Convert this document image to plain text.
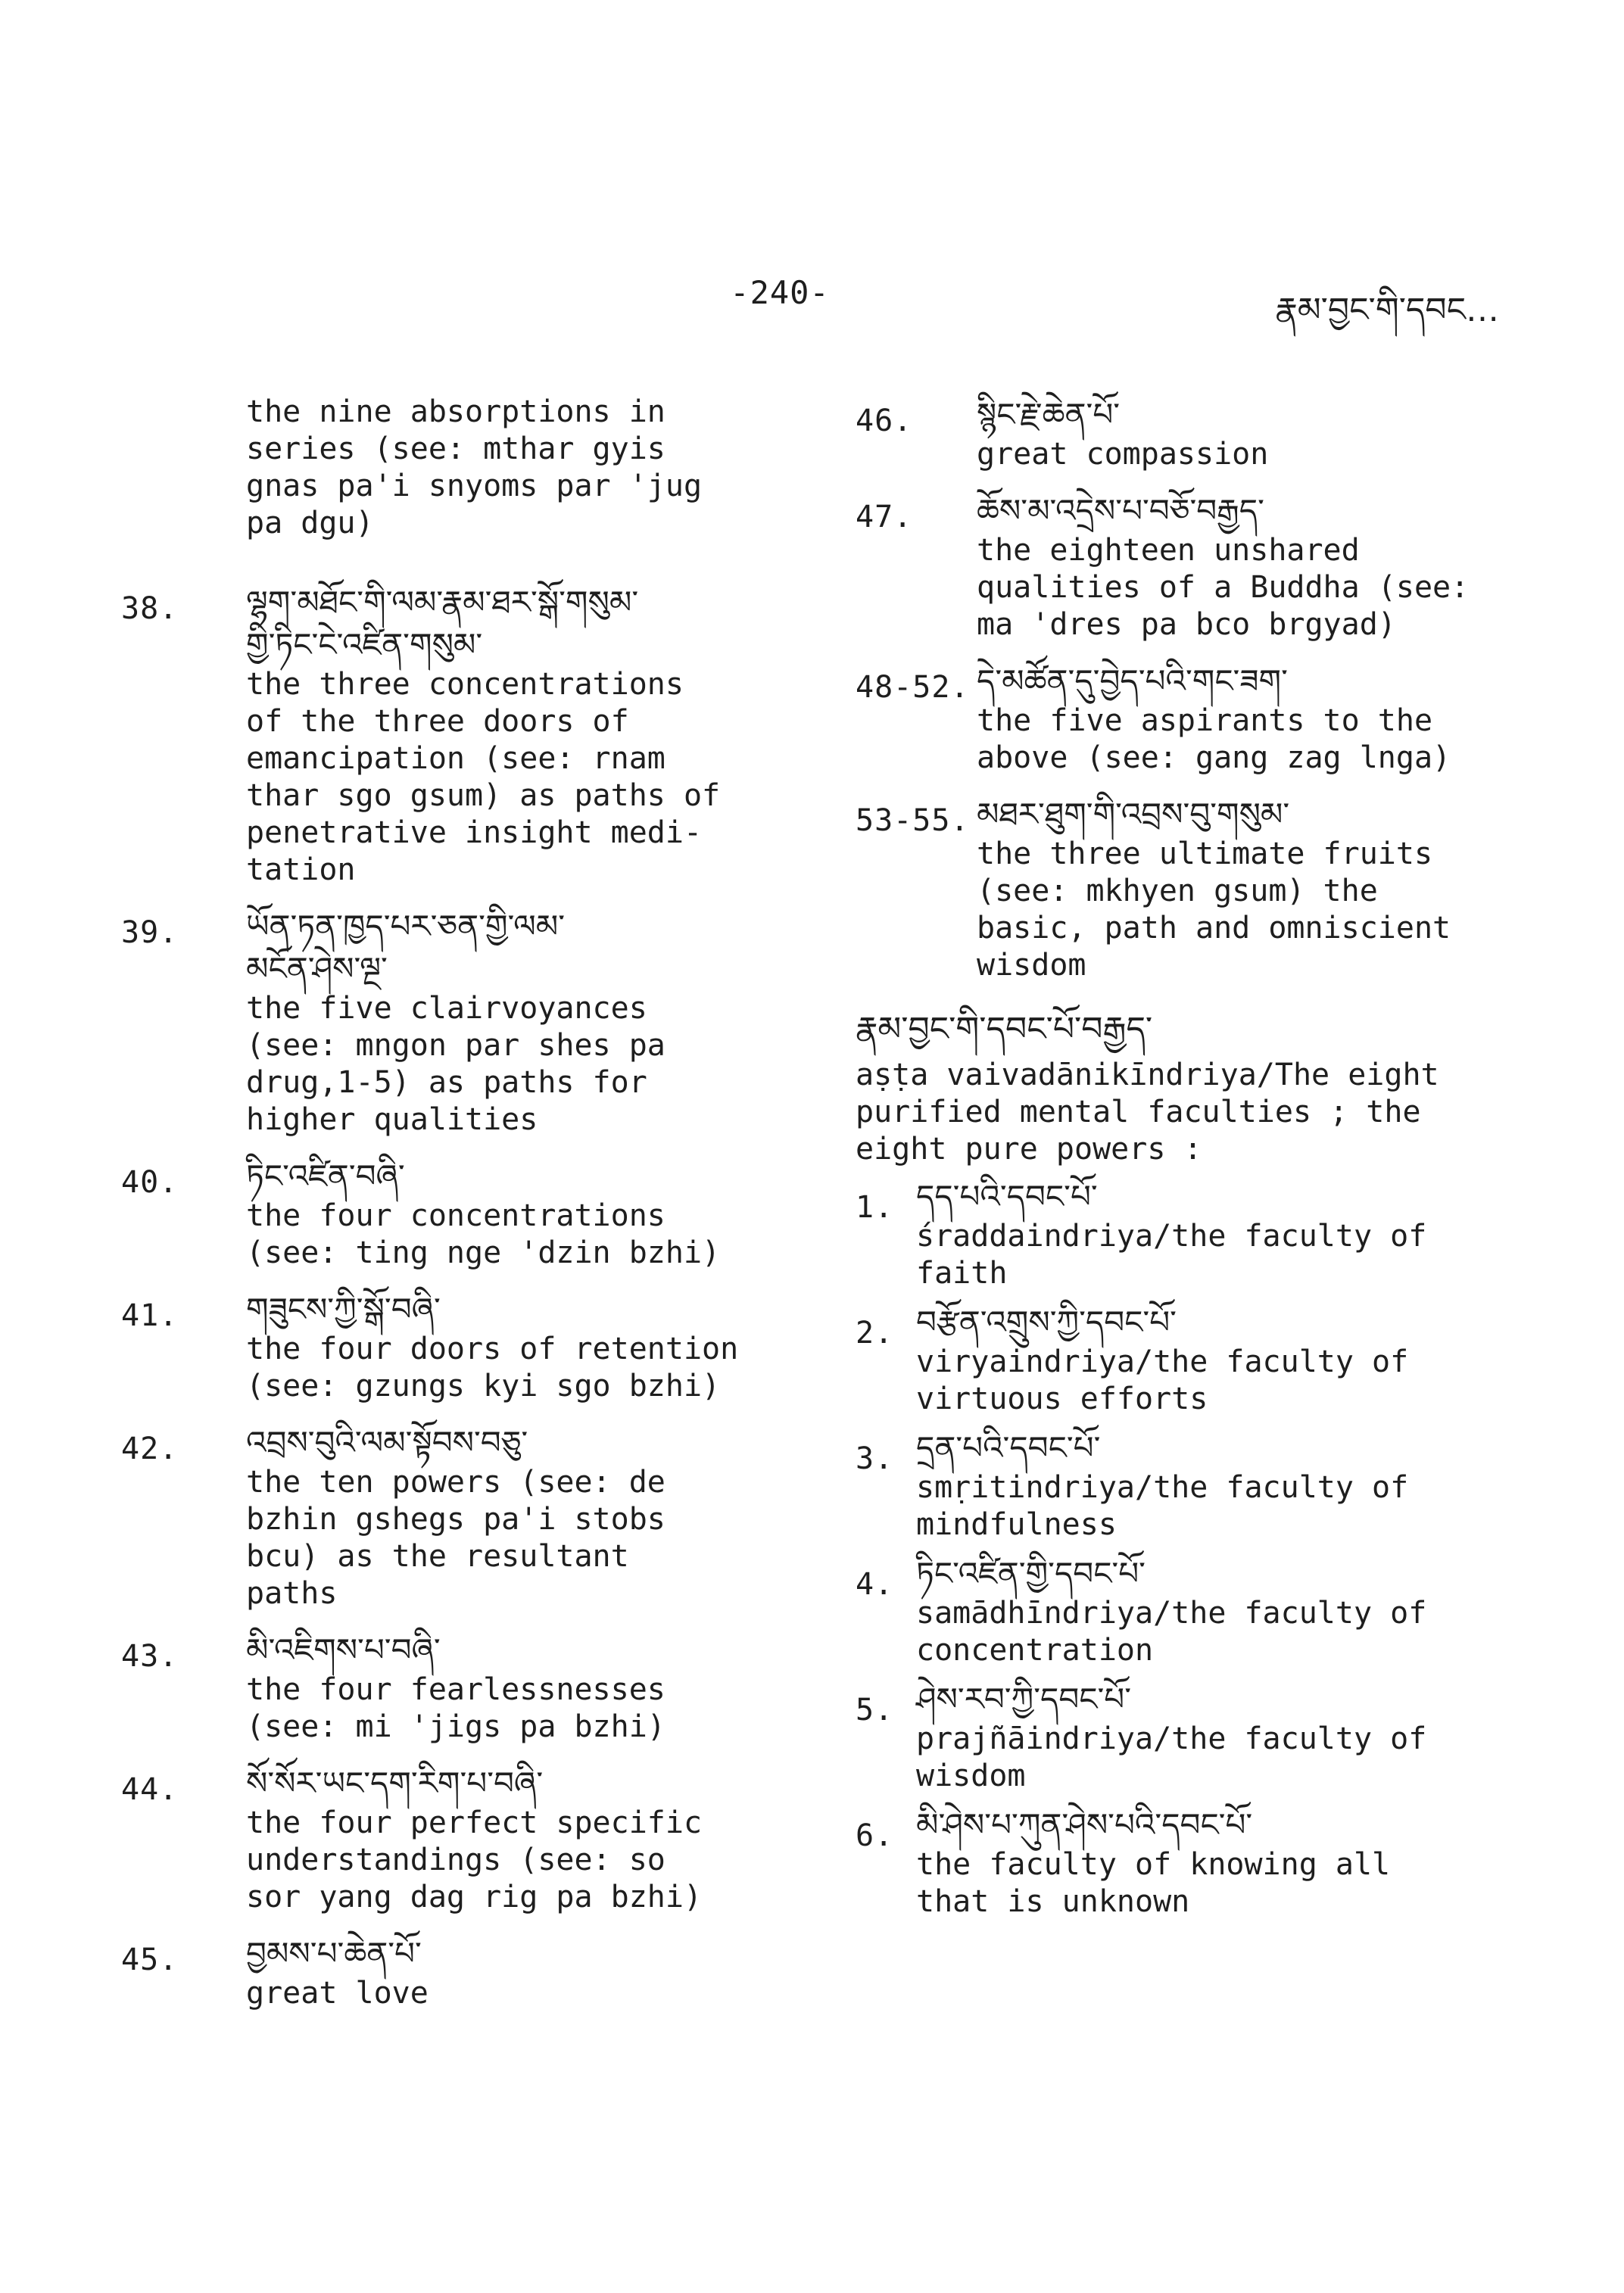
-240-	རྣམ་བྱང་གི་དབང…

the nine absorptions in
series (see: mthar gyis
gnas pa'i snyoms par 'jug
pa dgu)

38. ལྷག་མཐོང་གི་ལམ་རྣམ་ཐར་སྒོ་གསུམ་
གྱི་ཏིང་ངེ་འཛིན་གསུམ་

the three concentrations
of the three doors of
emancipation (see: rnam
thar sgo gsum) as paths of
penetrative insight medi-
tation

39. ཡོན་ཏན་ཁྱད་པར་ཅན་གྱི་ལམ་
མངོན་ཤེས་ལྔ་

the five clairvoyances
(see: mngon par shes pa
drug,1-5) as paths for
higher qualities

40. ཏིང་འཛིན་བཞི་

the four concentrations
(see: ting nge 'dzin bzhi)

41. གཟུངས་ཀྱི་སྒོ་བཞི་

the four doors of retention
(see: gzungs kyi sgo bzhi)

42. འབྲས་བུའི་ལམ་སྟོབས་བཅུ་

the ten powers (see: de
bzhin gshegs pa'i stobs
bcu) as the resultant
paths

43. མི་འཇིགས་པ་བཞི་

the four fearlessnesses
(see: mi 'jigs pa bzhi)

44. སོ་སོར་ཡང་དག་རིག་པ་བཞི་

the four perfect specific
understandings (see: so
sor yang dag rig pa bzhi)

45. བྱམས་པ་ཆེན་པོ་

great love

46. སྙིང་རྗེ་ཆེན་པོ་

great compassion

47. ཆོས་མ་འདྲེས་པ་བཅོ་བརྒྱད་

the eighteen unshared
qualities of a Buddha (see:
ma 'dres pa bco brgyad)

48-52. དེ་མཚོན་དུ་བྱེད་པའི་གང་ཟག་

the five aspirants to the
above (see: gang zag lnga)

53-55. མཐར་ཐུག་གི་འབྲས་བུ་གསུམ་

the three ultimate fruits
(see: mkhyen gsum) the
basic, path and omniscient
wisdom

རྣམ་བྱང་གི་དབང་པོ་བརྒྱད་

aṣṭa vaivadānikīndriya/The eight
purified mental faculties ; the
eight pure powers :

1. དད་པའི་དབང་པོ་

śraddaindriya/the faculty of
faith

2. བརྩོན་འགྲུས་ཀྱི་དབང་པོ་

viryaindriya/the faculty of
virtuous efforts

3. དྲན་པའི་དབང་པོ་

smṛitindriya/the faculty of
mindfulness

4. ཏིང་འཛིན་གྱི་དབང་པོ་

samādhīndriya/the faculty of
concentration

5. ཤེས་རབ་ཀྱི་དབང་པོ་

prajñāindriya/the faculty of
wisdom

6. མི་ཤེས་པ་ཀུན་ཤེས་པའི་དབང་པོ་

the faculty of knowing all
that is unknown
